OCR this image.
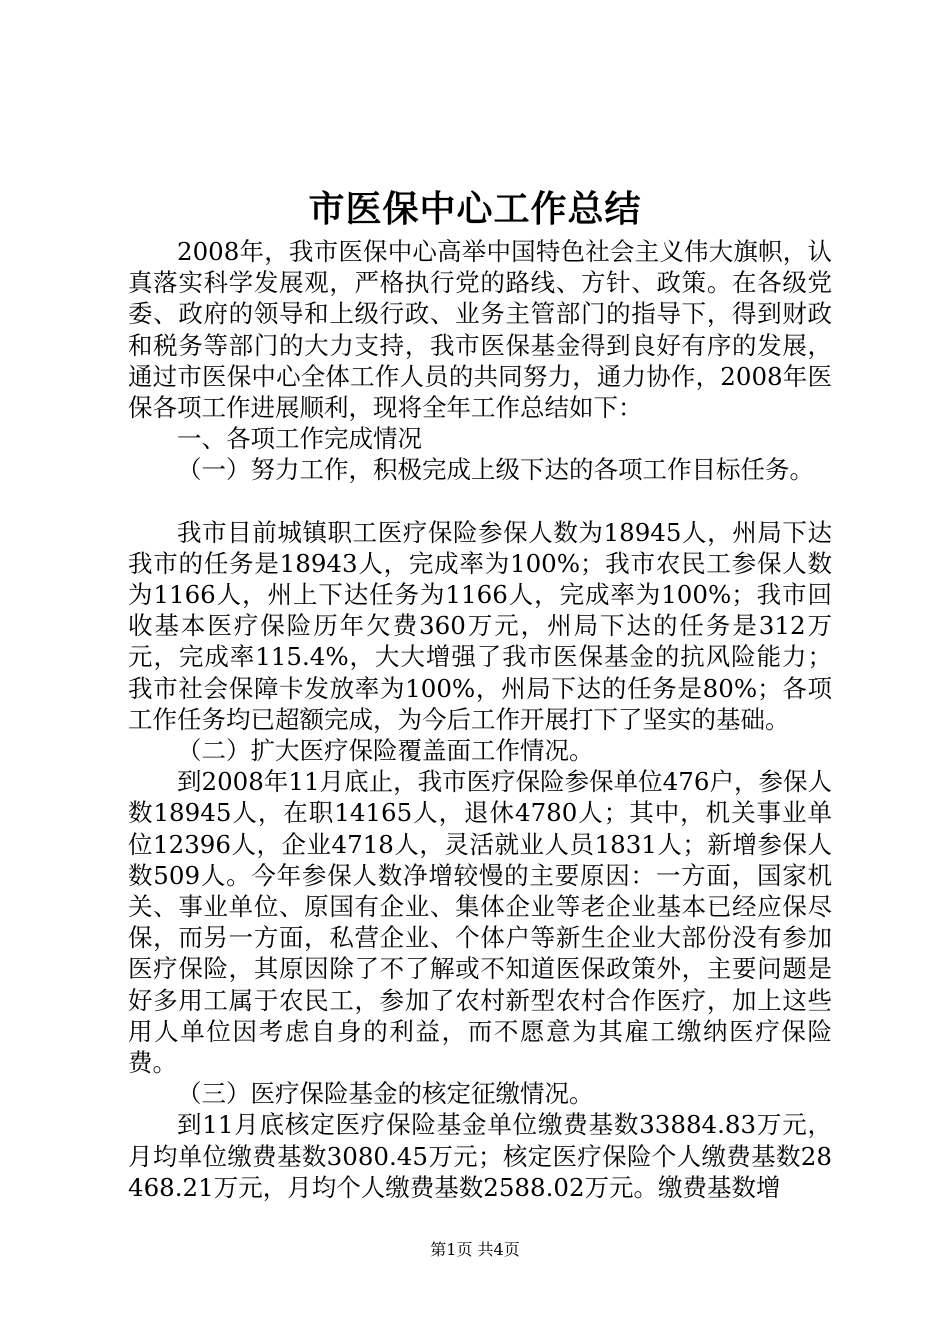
市医保中心工作总结

2008年，我市医保中心高举中国特色社会主义伟大旗帜，认真落实科学发展观，严格执行党的路线、方针、政策。在各级党委、政府的领导和上级行政、业务主管部门的指导下，得到财政和税务等部门的大力支持，我市医保基金得到良好有序的发展，通过市医保中心全体工作人员的共同努力，通力协作，2008年医保各项工作进展顺利，现将全年工作总结如下：

一、各项工作完成情况

（一）努力工作，积极完成上级下达的各项工作目标任务。

我市目前城镇职工医疗保险参保人数为18945人，州局下达我市的任务是18943人，完成率为100%；我市农民工参保人数为1166人，州上下达任务为1166人，完成率为100%；我市回收基本医疗保险历年欠费360万元，州局下达的任务是312万元，完成率115.4%，大大增强了我市医保基金的抗风险能力；我市社会保障卡发放率为100%，州局下达的任务是80%；各项工作任务均已超额完成，为今后工作开展打下了坚实的基础。

（二）扩大医疗保险覆盖面工作情况。

到2008年11月底止，我市医疗保险参保单位476户，参保人数18945人，在职14165人，退休4780人；其中，机关事业单位12396人，企业4718人，灵活就业人员1831人；新增参保人数509人。今年参保人数净增较慢的主要原因：一方面，国家机关、事业单位、原国有企业、集体企业等老企业基本已经应保尽保，而另一方面，私营企业、个体户等新生企业大部份没有参加医疗保险，其原因除了不了解或不知道医保政策外，主要问题是好多用工属于农民工，参加了农村新型农村合作医疗，加上这些用人单位因考虑自身的利益，而不愿意为其雇工缴纳医疗保险费。

（三）医疗保险基金的核定征缴情况。

到11月底核定医疗保险基金单位缴费基数33884.83万元，月均单位缴费基数3080.45万元；核定医疗保险个人缴费基数28468.21万元，月均个人缴费基数2588.02万元。缴费基数增

第1页 共4页
